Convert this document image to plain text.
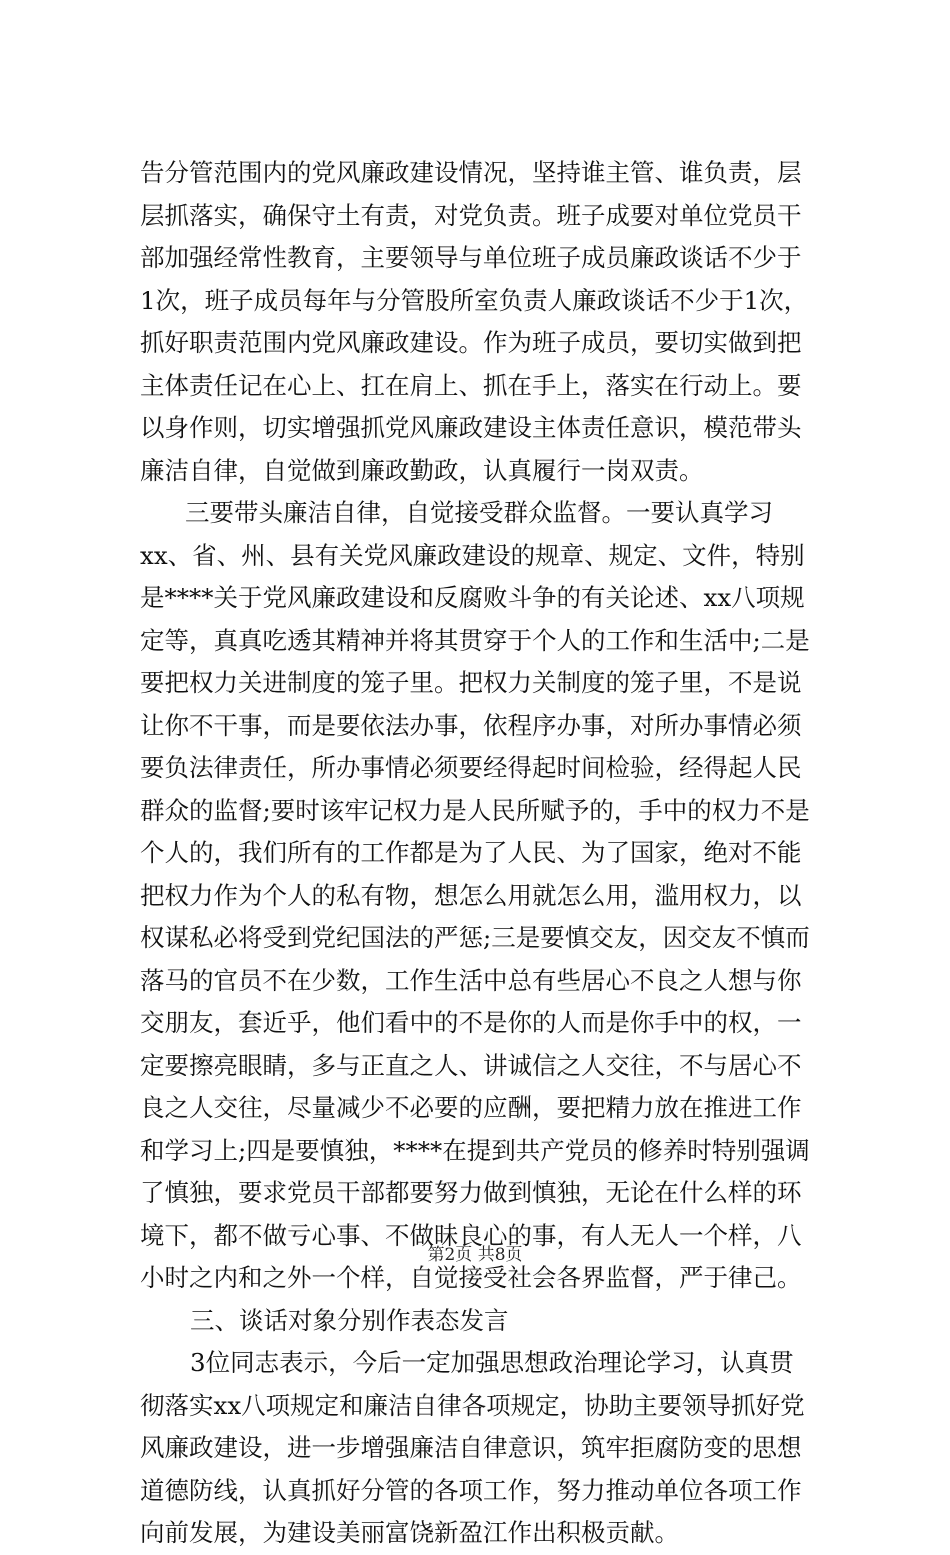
告分管范围内的党风廉政建设情况，坚持谁主管、谁负责，层
层抓落实，确保守土有责，对党负责。班子成要对单位党员干
部加强经常性教育，主要领导与单位班子成员廉政谈话不少于
1次，班子成员每年与分管股所室负责人廉政谈话不少于1次，
抓好职责范围内党风廉政建设。作为班子成员，要切实做到把
主体责任记在心上、扛在肩上、抓在手上，落实在行动上。要
以身作则，切实增强抓党风廉政建设主体责任意识，模范带头
廉洁自律，自觉做到廉政勤政，认真履行一岗双责。
三要带头廉洁自律，自觉接受群众监督。一要认真学习
xx、省、州、县有关党风廉政建设的规章、规定、文件，特别
是****关于党风廉政建设和反腐败斗争的有关论述、xx八项规
定等，真真吃透其精神并将其贯穿于个人的工作和生活中;二是
要把权力关进制度的笼子里。把权力关制度的笼子里，不是说
让你不干事，而是要依法办事，依程序办事，对所办事情必须
要负法律责任，所办事情必须要经得起时间检验，经得起人民
群众的监督;要时该牢记权力是人民所赋予的，手中的权力不是
个人的，我们所有的工作都是为了人民、为了国家，绝对不能
把权力作为个人的私有物，想怎么用就怎么用，滥用权力，以
权谋私必将受到党纪国法的严惩;三是要慎交友，因交友不慎而
落马的官员不在少数，工作生活中总有些居心不良之人想与你
交朋友，套近乎，他们看中的不是你的人而是你手中的权，一
定要擦亮眼睛，多与正直之人、讲诚信之人交往，不与居心不
良之人交往，尽量减少不必要的应酬，要把精力放在推进工作
和学习上;四是要慎独，****在提到共产党员的修养时特别强调
了慎独，要求党员干部都要努力做到慎独，无论在什么样的环
境下，都不做亏心事、不做昧良心的事，有人无人一个样，八
小时之内和之外一个样，自觉接受社会各界监督，严于律己。
三、谈话对象分别作表态发言
3位同志表示，今后一定加强思想政治理论学习，认真贯
彻落实xx八项规定和廉洁自律各项规定，协助主要领导抓好党
风廉政建设，进一步增强廉洁自律意识，筑牢拒腐防变的思想
道德防线，认真抓好分管的各项工作，努力推动单位各项工作
向前发展，为建设美丽富饶新盈江作出积极贡献。
第2页 共8页
